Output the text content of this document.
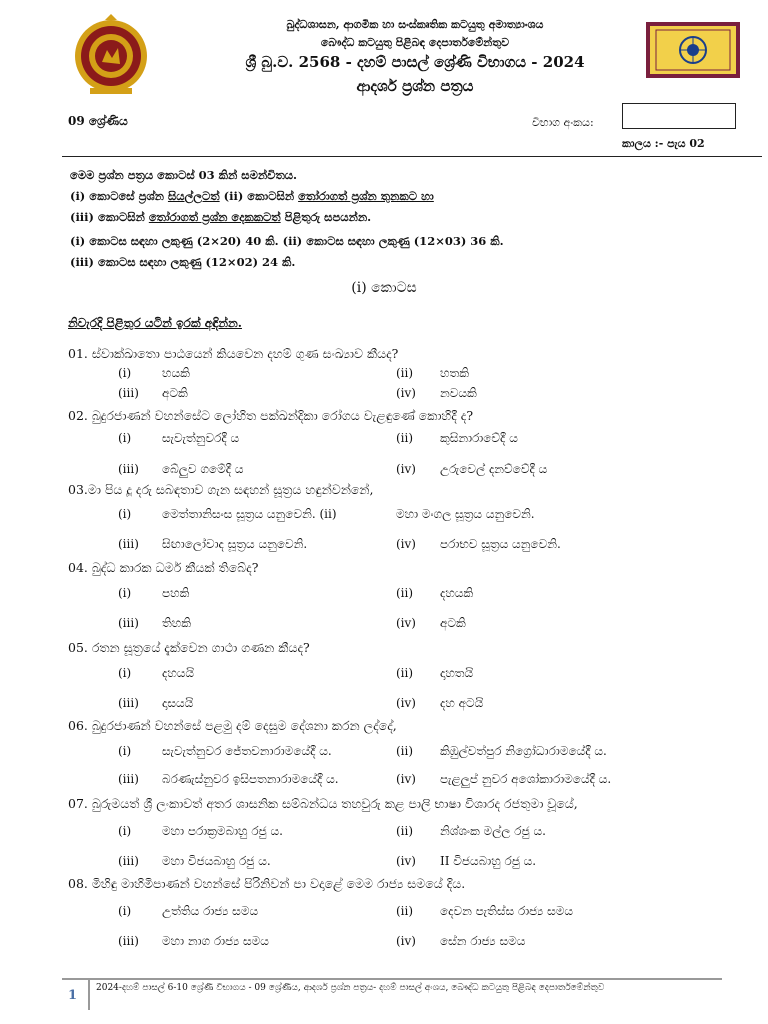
බුද්ධශාසන, ආගමික හා සංස්කෘතික කටයුතු අමාත්‍යාංශය
බෞද්ධ කටයුතු පිළිබඳ දෙපාර්තමේන්තුව
ශ්‍රී බු.ව. 2568 - දහම් පාසල් ශ්‍රේණි විභාගය - 2024
ආදර්ශ ප්‍රශ්න පත්‍රය
09 ශ්‍රේණිය	විභාග අංකය:
කාලය :- පැය 02
මෙම ප්‍රශ්න පත්‍රය කොටස් 03 කින් සමන්විතය.
(i) කොටසේ ප්‍රශ්න සියල්ලටත් (ii) කොටසින් තෝරාගත් ප්‍රශ්න තුනකට හා
(iii) කොටසින් තෝරාගත් ප්‍රශ්න දෙකකටත් පිළිතුරු සපයන්න.
(i) කොටස සඳහා ලකුණු (2×20) 40 කි. (ii) කොටස සඳහා ලකුණු (12×03) 36 කි.
(iii) කොටස සඳහා ලකුණු (12×02) 24 කි.
(i) කොටස
නිවැරදි පිළිතුර යටින් ඉරක් අඳින්න.
01. ස්වාක්ඛාතො පාඨයෙන් කියවෙන දහම් ගුණ සංඛ්‍යාව කීයද?
(i)	හයකි	(ii) හතකි
(iii) අටකි	(iv) නවයකි
02. බුදුරජාණන් වහන්සේට ලෝහිත පක්ඛන්දිකා රෝගය වැළඳුණේ කොහිදී ද?
(i)	සැවැත්නුවරදී ය	(ii) කුසිනාරාවේදී ය
(iii) බේලුව ගමේදී ය	(iv) උරුවෙල් දනව්වේදී ය
03.මා පිය දූ දරු සබඳතාව ගැන සඳහන් සූත්‍රය හඳුන්වන්නේ,
(i)	මෙත්තානිසංස සූත්‍රය යනුවෙනි. (ii)	මහා මංගල සූත්‍රය යනුවෙනි.
(iii) සිඟාලෝවාද සූත්‍රය යනුවෙනි.	(iv) පරාභව සූත්‍රය යනුවෙනි.
04. බුද්ධ කාරක ධර්ම කීයක් තිබේද?
(i)	පහකි	(ii) දහයකි
(iii) තිහකි	(iv) අටකි
05. රතන සූත්‍රයේ දැක්වෙන ගාථා ගණන කීයද?
(i)	දහයයි	(ii) දාහතයි
(iii) දාසයයි	(iv) දහ අටයි
06. බුදුරජාණන් වහන්සේ පළමු දම් දෙසුම දේශනා කරන ලද්දේ,
(i)	සැවැත්නුවර ජේතවනාරාමයේදී ය.	(ii) කිඹුල්වත්පුර නිග්‍රෝධාරාමයේදී ය.
(iii) බරණැස්නුවර ඉසිපතනාරාමයේදී ය.	(iv) පැළලුප් නුවර අශෝකාරාමයේදී ය.
07. බුරුමයත් ශ්‍රී ලංකාවත් අතර ශාසනික සම්බන්ධය තහවුරු කළ පාලි භාෂා විශාරද රජතුමා වූයේ,
(i)	මහා පරාක්‍රමබාහු රජු ය.	(ii) නිශ්ශංක මල්ල රජු ය.
(iii) මහා විජයබාහු රජු ය.	(iv) II විජයබාහු රජු ය.
08. මිහිඳු මාහිමිපාණන් වහන්සේ පිරිනිවන් පා වදාළේ මෙම රාජ්‍ය සමයේ දිය.
(i)	උත්තිය රාජ්‍ය සමය	(ii) දෙවන පැතිස්ස රාජ්‍ය සමය
(iii) මහා නාග රාජ්‍ය සමය	(iv) සේන රාජ්‍ය සමය
1 2024-දහම් පාසල් 6-10 ශ්‍රේණි විභාගය - 09 ශ්‍රේණිය, ආදර්ශ ප්‍රශ්න පත්‍රය- දහම් පාසල් අංශය, බෞද්ධ කටයුතු පිළිබඳ දෙපාර්තමේන්තුව
